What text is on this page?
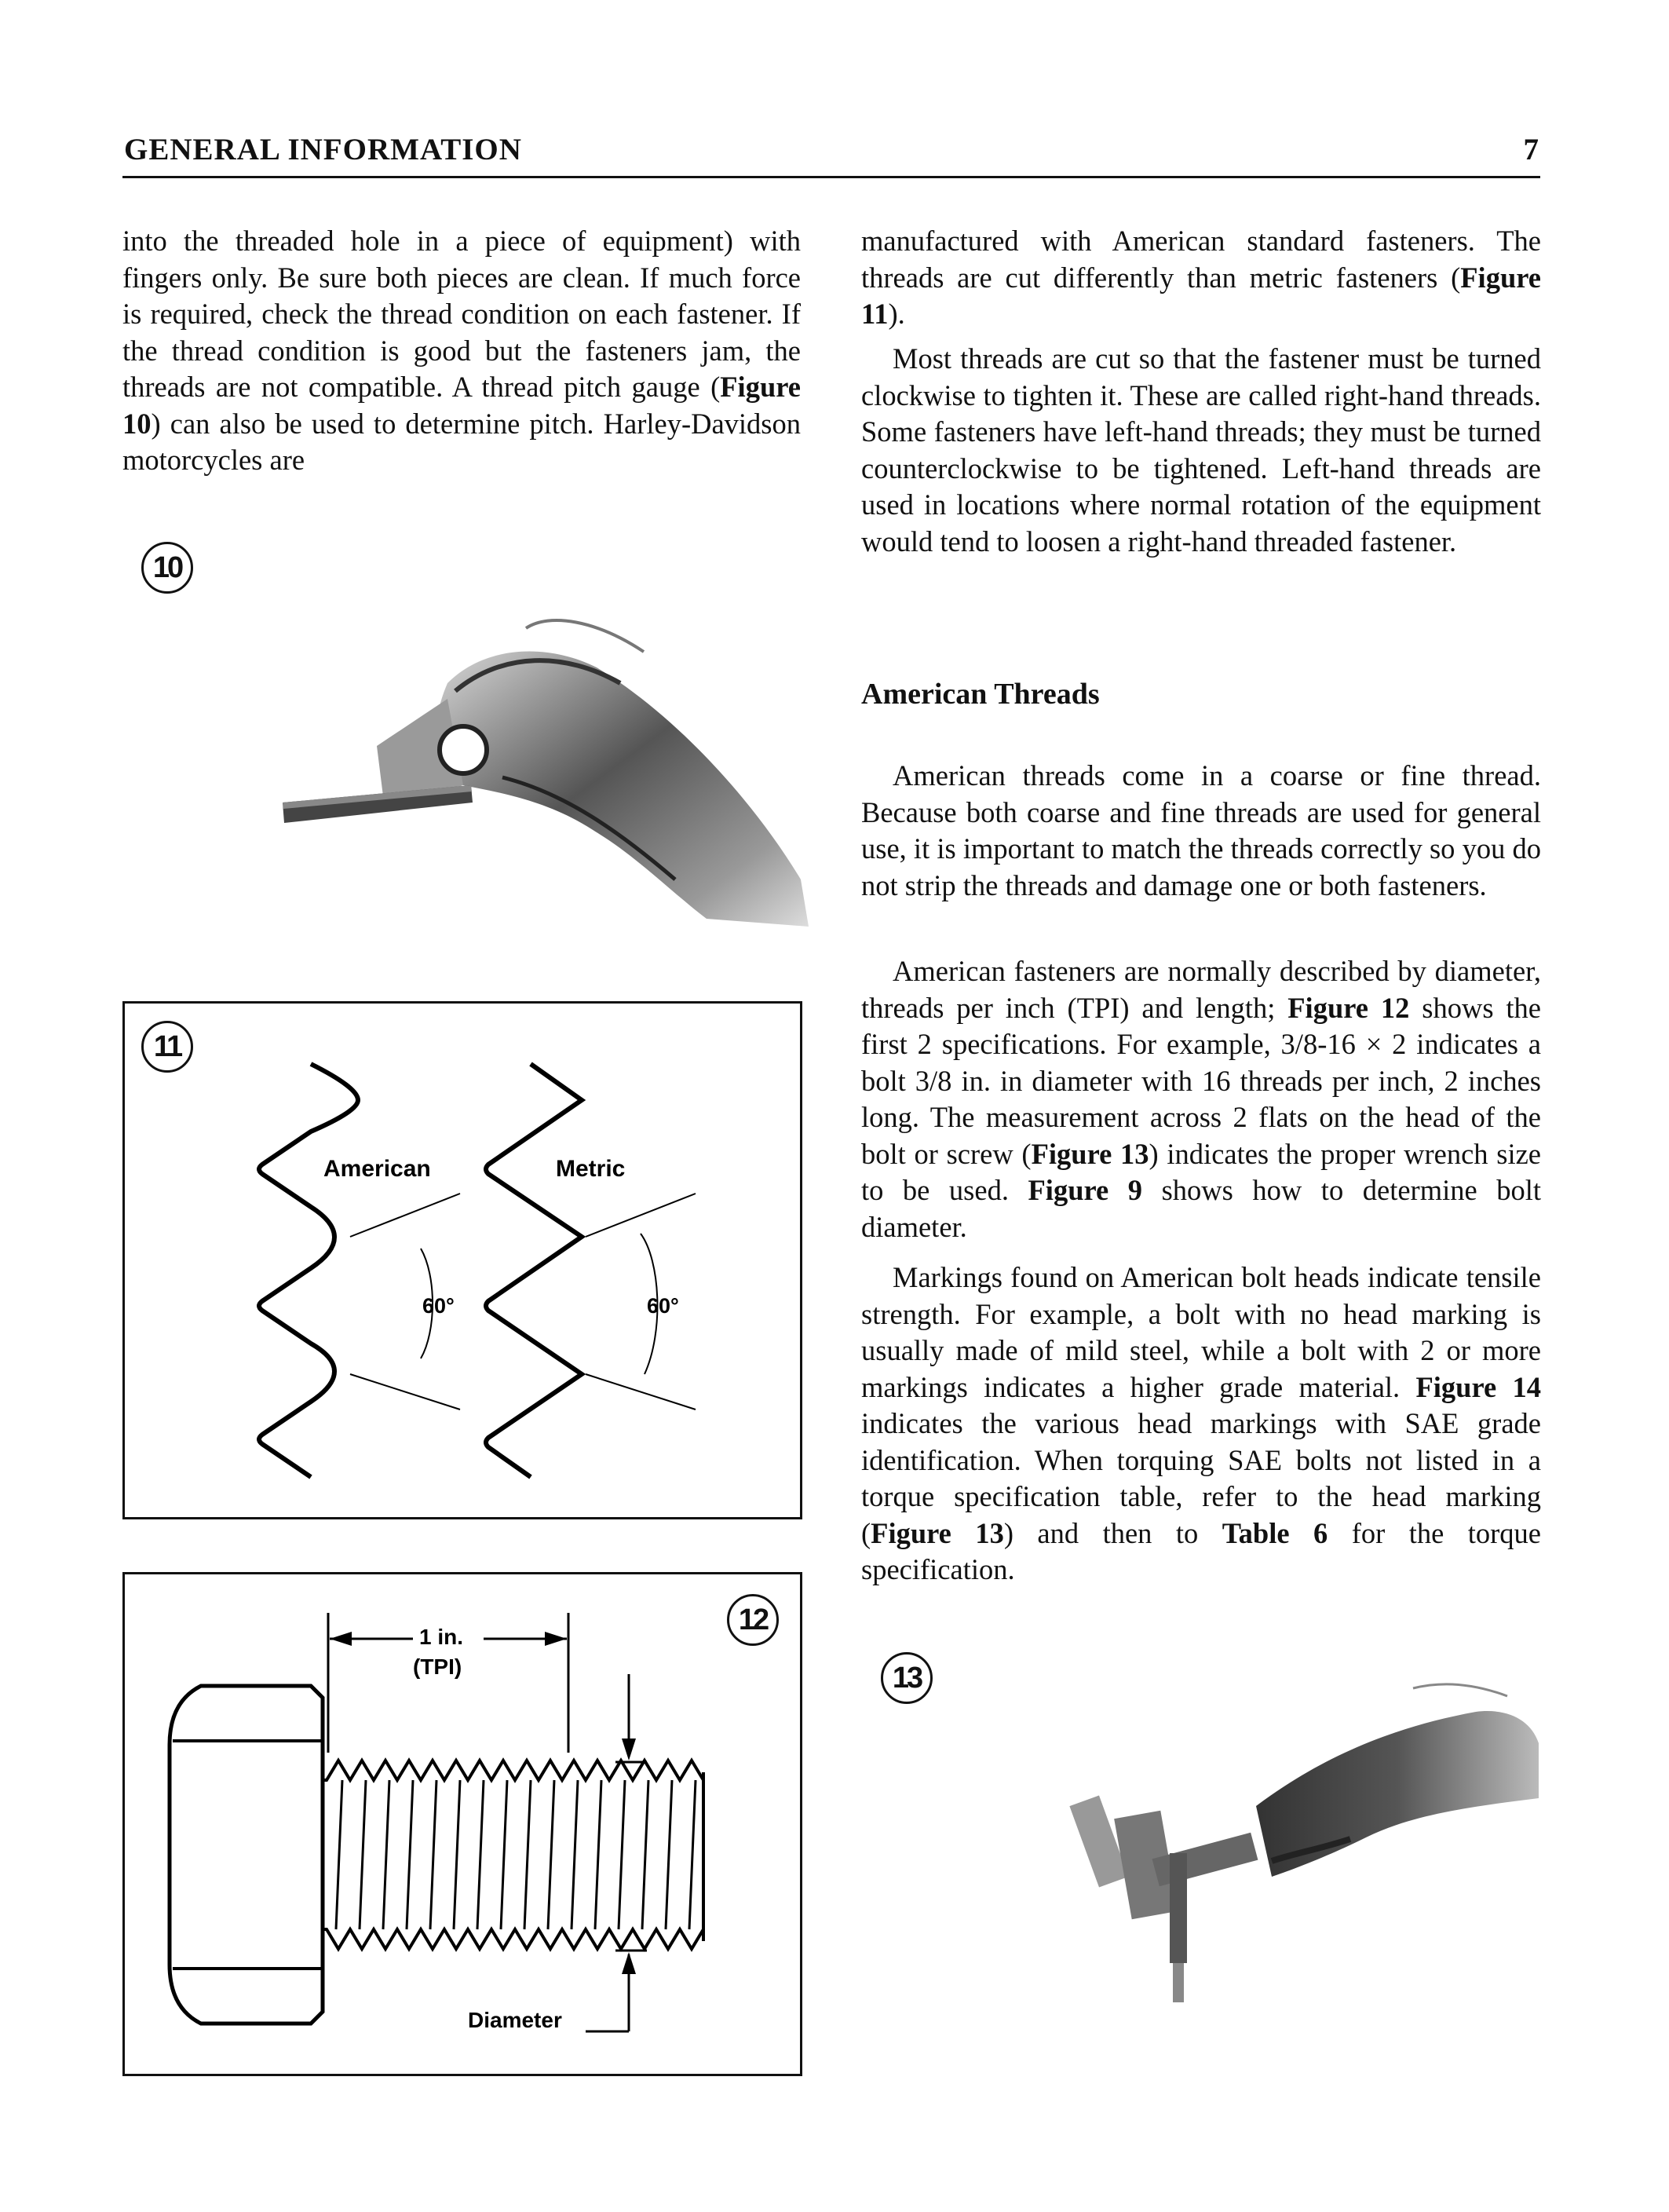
GENERAL INFORMATION	7

into the threaded hole in a piece of equipment) with fingers only. Be sure both pieces are clean. If much force is required, check the thread condition on each fastener. If the thread condition is good but the fasteners jam, the threads are not compatible. A thread pitch gauge (Figure 10) can also be used to determine pitch. Harley-Davidson motorcycles are

manufactured with American standard fasteners. The threads are cut differently than metric fasteners (Figure 11).

Most threads are cut so that the fastener must be turned clockwise to tighten it. These are called right-hand threads. Some fasteners have left-hand threads; they must be turned counterclockwise to be tightened. Left-hand threads are used in locations where normal rotation of the equipment would tend to loosen a right-hand threaded fastener.

American Threads

American threads come in a coarse or fine thread. Because both coarse and fine threads are used for general use, it is important to match the threads correctly so you do not strip the threads and damage one or both fasteners.

American fasteners are normally described by diameter, threads per inch (TPI) and length; Figure 12 shows the first 2 specifications. For example, 3/8-16 × 2 indicates a bolt 3/8 in. in diameter with 16 threads per inch, 2 inches long. The measurement across 2 flats on the head of the bolt or screw (Figure 13) indicates the proper wrench size to be used. Figure 9 shows how to determine bolt diameter.

Markings found on American bolt heads indicate tensile strength. For example, a bolt with no head marking is usually made of mild steel, while a bolt with 2 or more markings indicates a higher grade material. Figure 14 indicates the various head markings with SAE grade identification. When torquing SAE bolts not listed in a torque specification table, refer to the head marking (Figure 13) and then to Table 6 for the torque specification.

10
11
American
60°
Metric
60°
12
1 in.
(TPI)
Diameter
13
